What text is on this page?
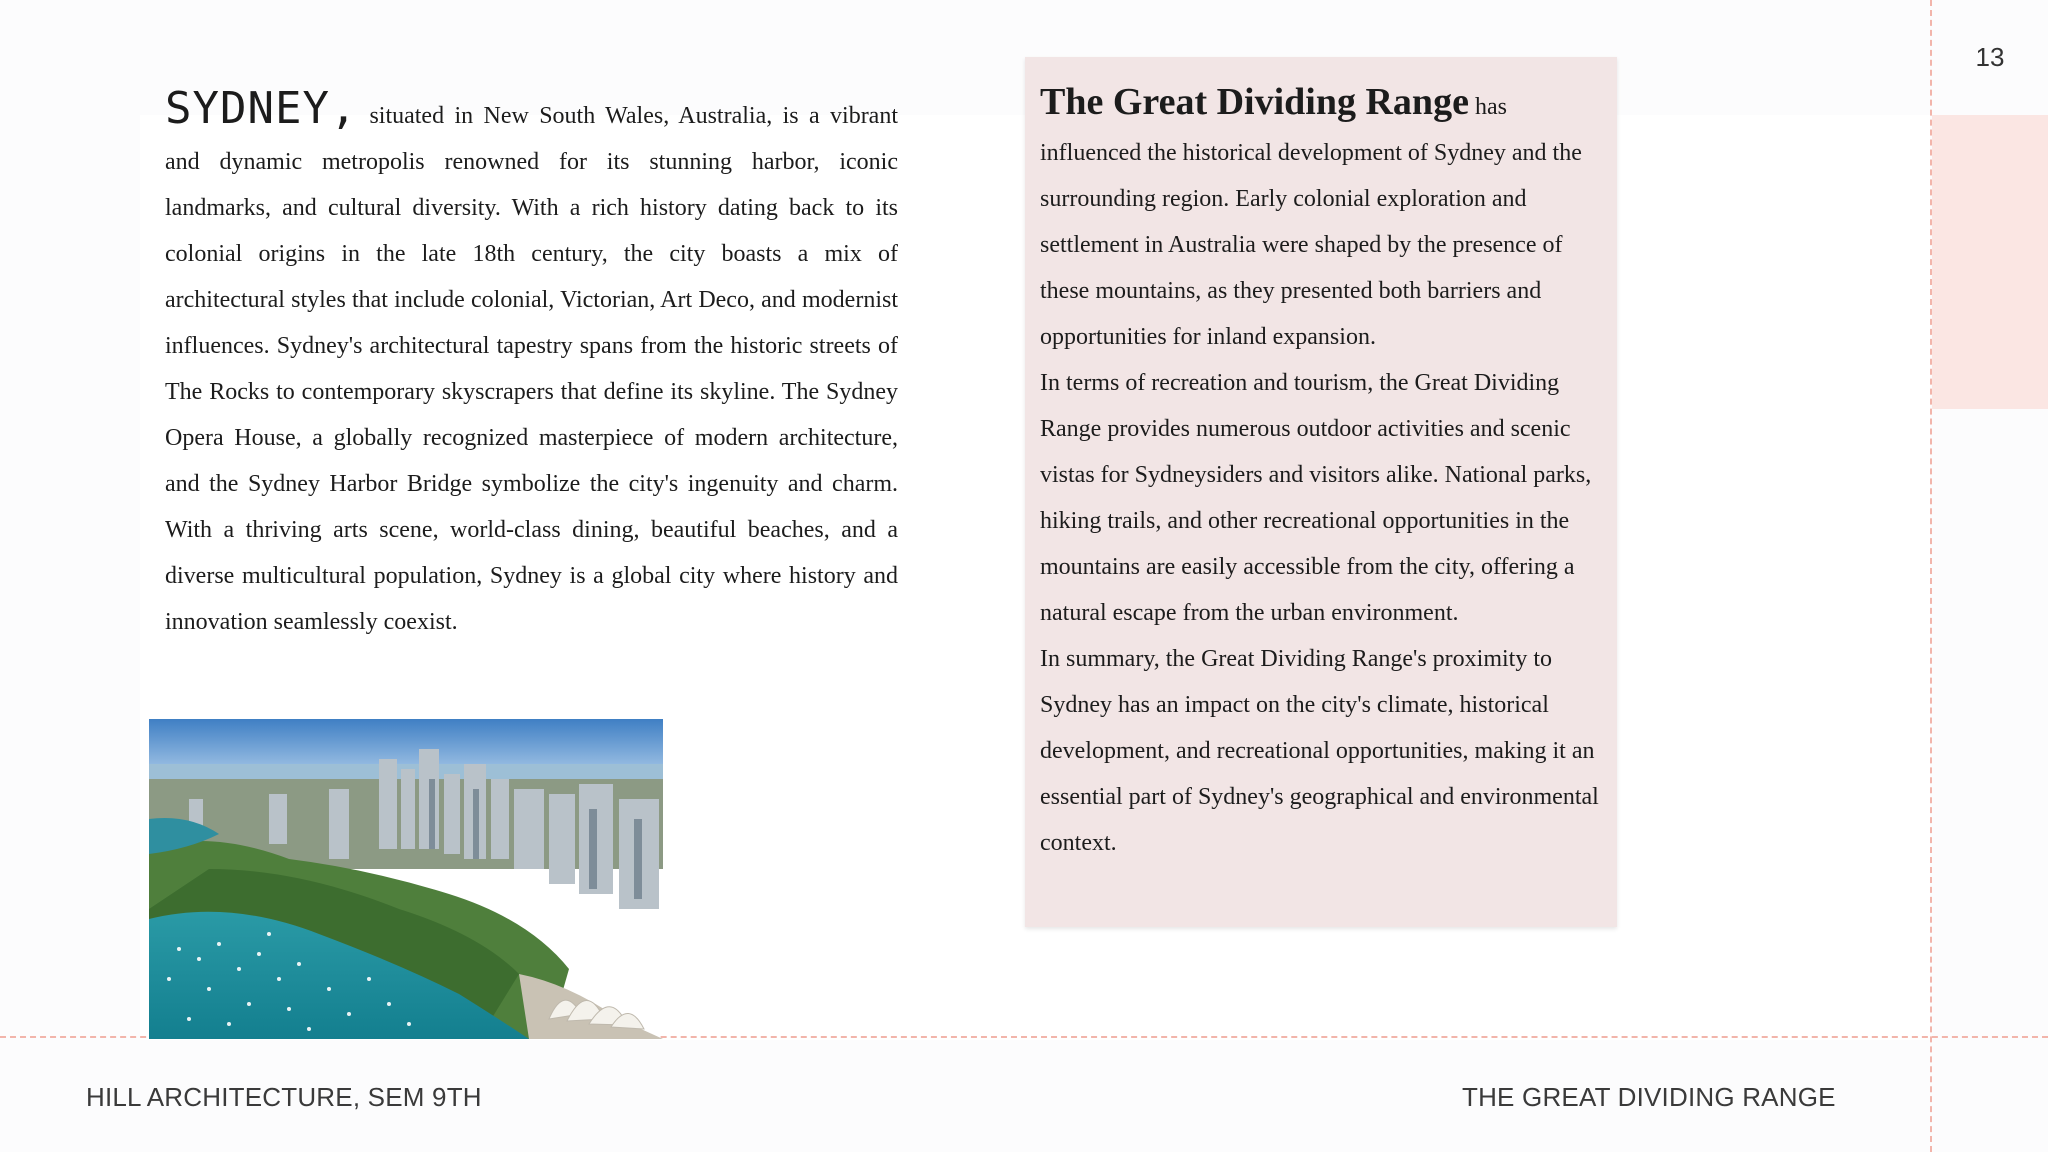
13
SYDNEY, situated in New South Wales, Australia, is a vibrant and dynamic metropolis renowned for its stunning harbor, iconic landmarks, and cultural diversity. With a rich history dating back to its colonial origins in the late 18th century, the city boasts a mix of architectural styles that include colonial, Victorian, Art Deco, and modernist influences. Sydney's architectural tapestry spans from the historic streets of The Rocks to contemporary skyscrapers that define its skyline. The Sydney Opera House, a globally recognized masterpiece of modern architecture, and the Sydney Harbor Bridge symbolize the city's ingenuity and charm. With a thriving arts scene, world-class dining, beautiful beaches, and a diverse multicultural population, Sydney is a global city where history and innovation seamlessly coexist.

The Great Dividing Range has
influenced the historical development of Sydney and the surrounding region. Early colonial exploration and settlement in Australia were shaped by the presence of these mountains, as they presented both barriers and opportunities for inland expansion.

In terms of recreation and tourism, the Great Dividing Range provides numerous outdoor activities and scenic vistas for Sydneysiders and visitors alike. National parks, hiking trails, and other recreational opportunities in the mountains are easily accessible from the city, offering a natural escape from the urban environment.

In summary, the Great Dividing Range's proximity to Sydney has an impact on the city's climate, historical development, and recreational opportunities, making it an essential part of Sydney's geographical and environmental context.

HILL ARCHITECTURE, SEM 9TH	THE GREAT DIVIDING RANGE
